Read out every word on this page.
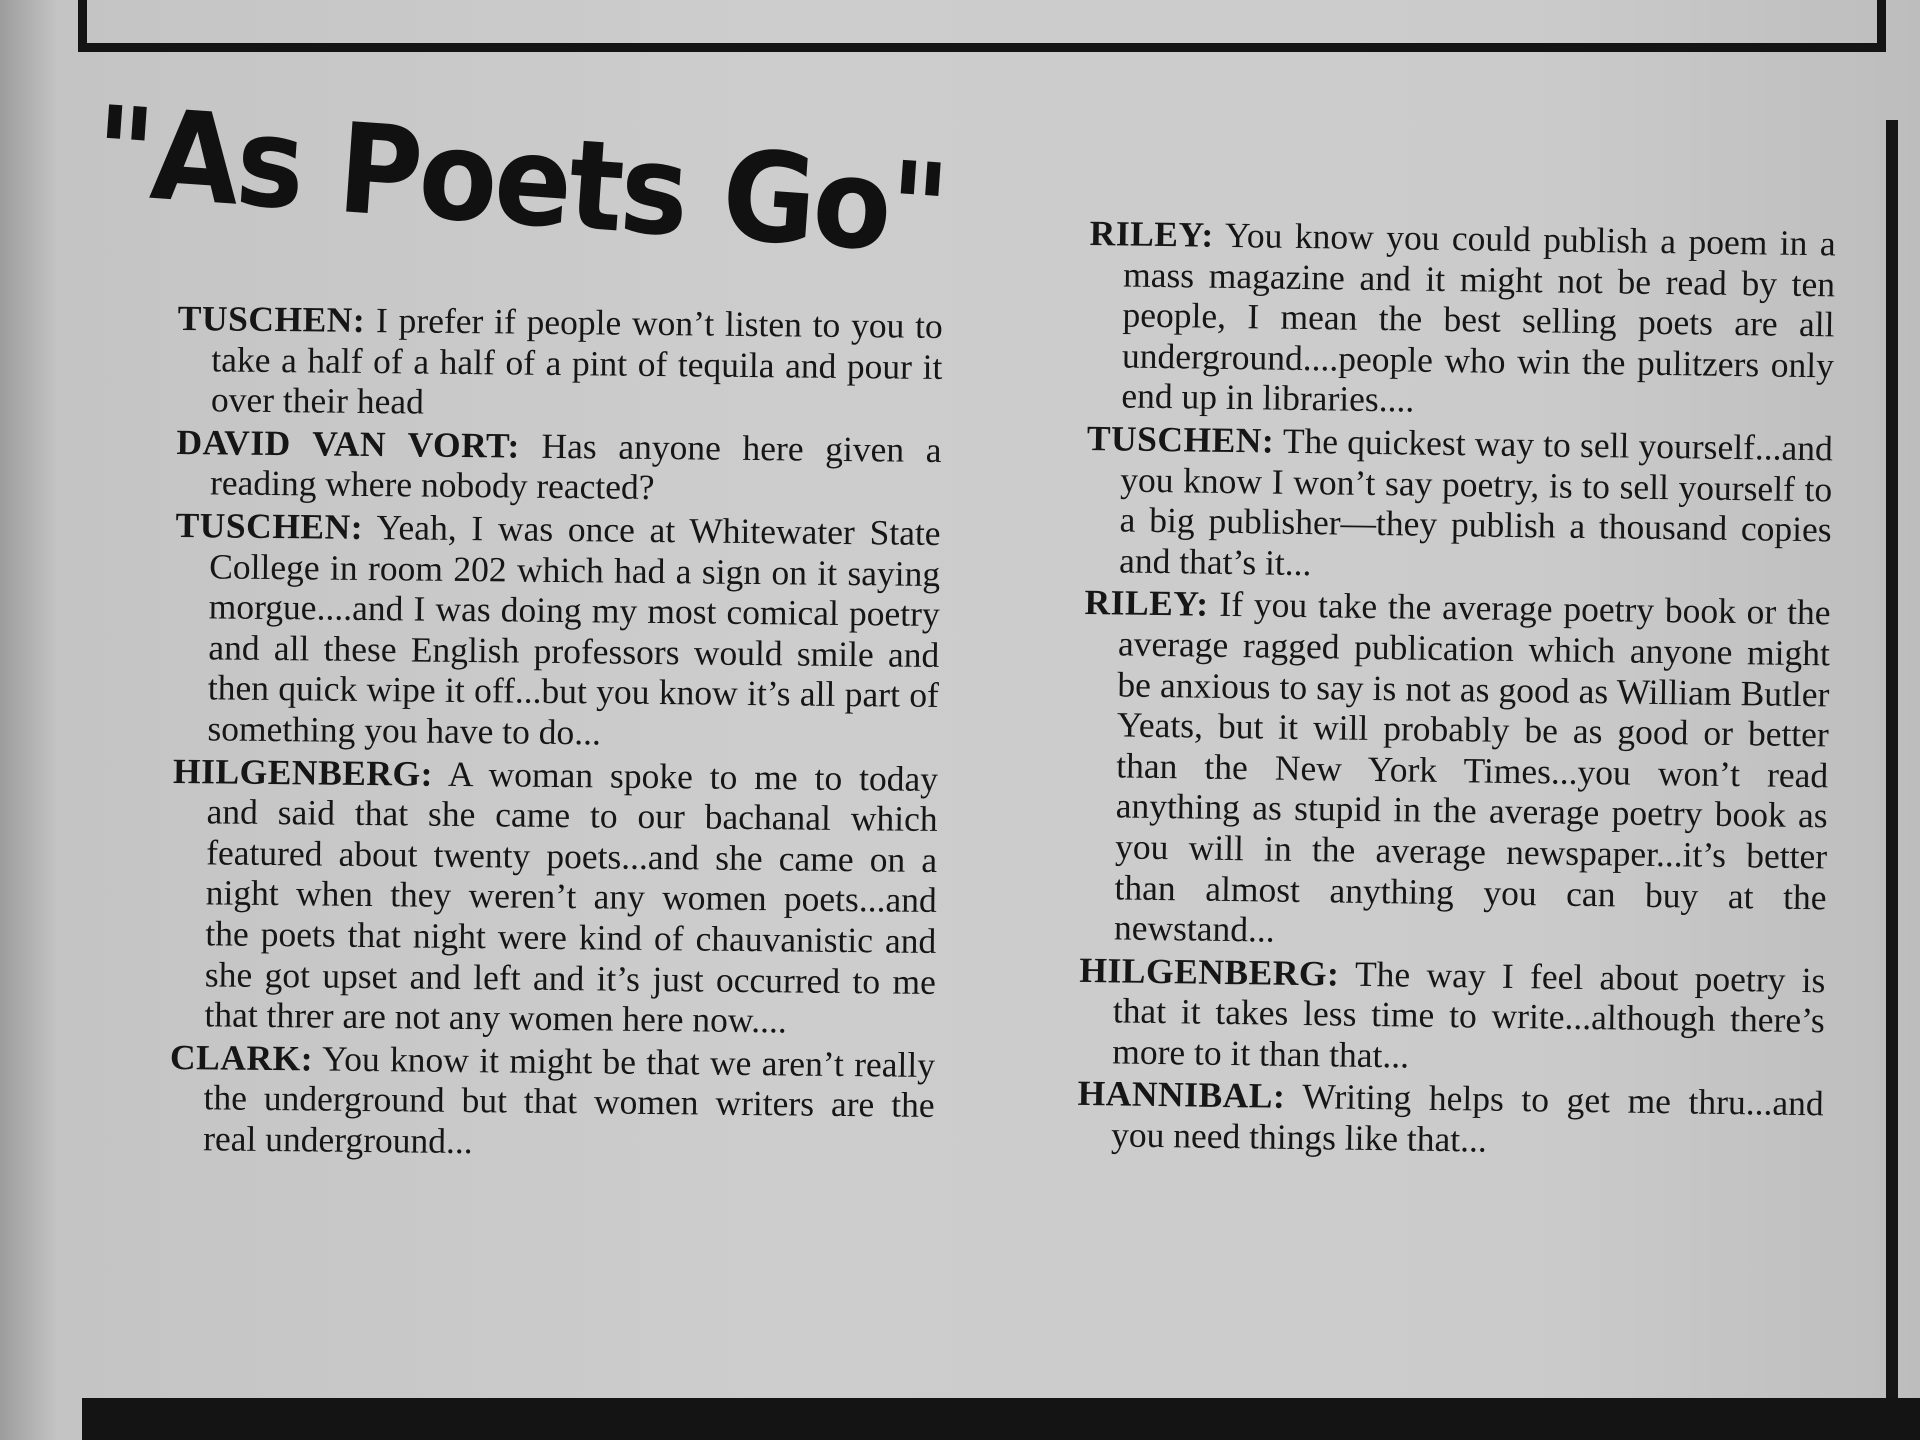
"As Poets Go"

TUSCHEN: I prefer if people won’t listen to you to take a half of a half of a pint of tequila and pour it over their head

DAVID VAN VORT: Has anyone here given a reading where nobody reacted?

TUSCHEN: Yeah, I was once at Whitewater State College in room 202 which had a sign on it saying morgue....and I was doing my most comical poetry and all these English professors would smile and then quick wipe it off...but you know it’s all part of something you have to do...

HILGENBERG: A woman spoke to me to today and said that she came to our bachanal which featured about twenty poets...and she came on a night when they weren’t any women poets...and the poets that night were kind of chauvanistic and she got upset and left and it’s just occurred to me that threr are not any women here now....

CLARK: You know it might be that we aren’t really the underground but that women writers are the real underground...

RILEY: You know you could publish a poem in a mass magazine and it might not be read by ten people, I mean the best selling poets are all underground....people who win the pulitzers only end up in libraries....

TUSCHEN: The quickest way to sell yourself...and you know I won’t say poetry, is to sell yourself to a big publisher—they publish a thousand copies and that’s it...

RILEY: If you take the average poetry book or the average ragged publication which anyone might be anxious to say is not as good as William Butler Yeats, but it will probably be as good or better than the New York Times...you won’t read anything as stupid in the average poetry book as you will in the average newspaper...it’s better than almost anything you can buy at the newstand...

HILGENBERG: The way I feel about poetry is that it takes less time to write...although there’s more to it than that...

HANNIBAL: Writing helps to get me thru...and you need things like that...
